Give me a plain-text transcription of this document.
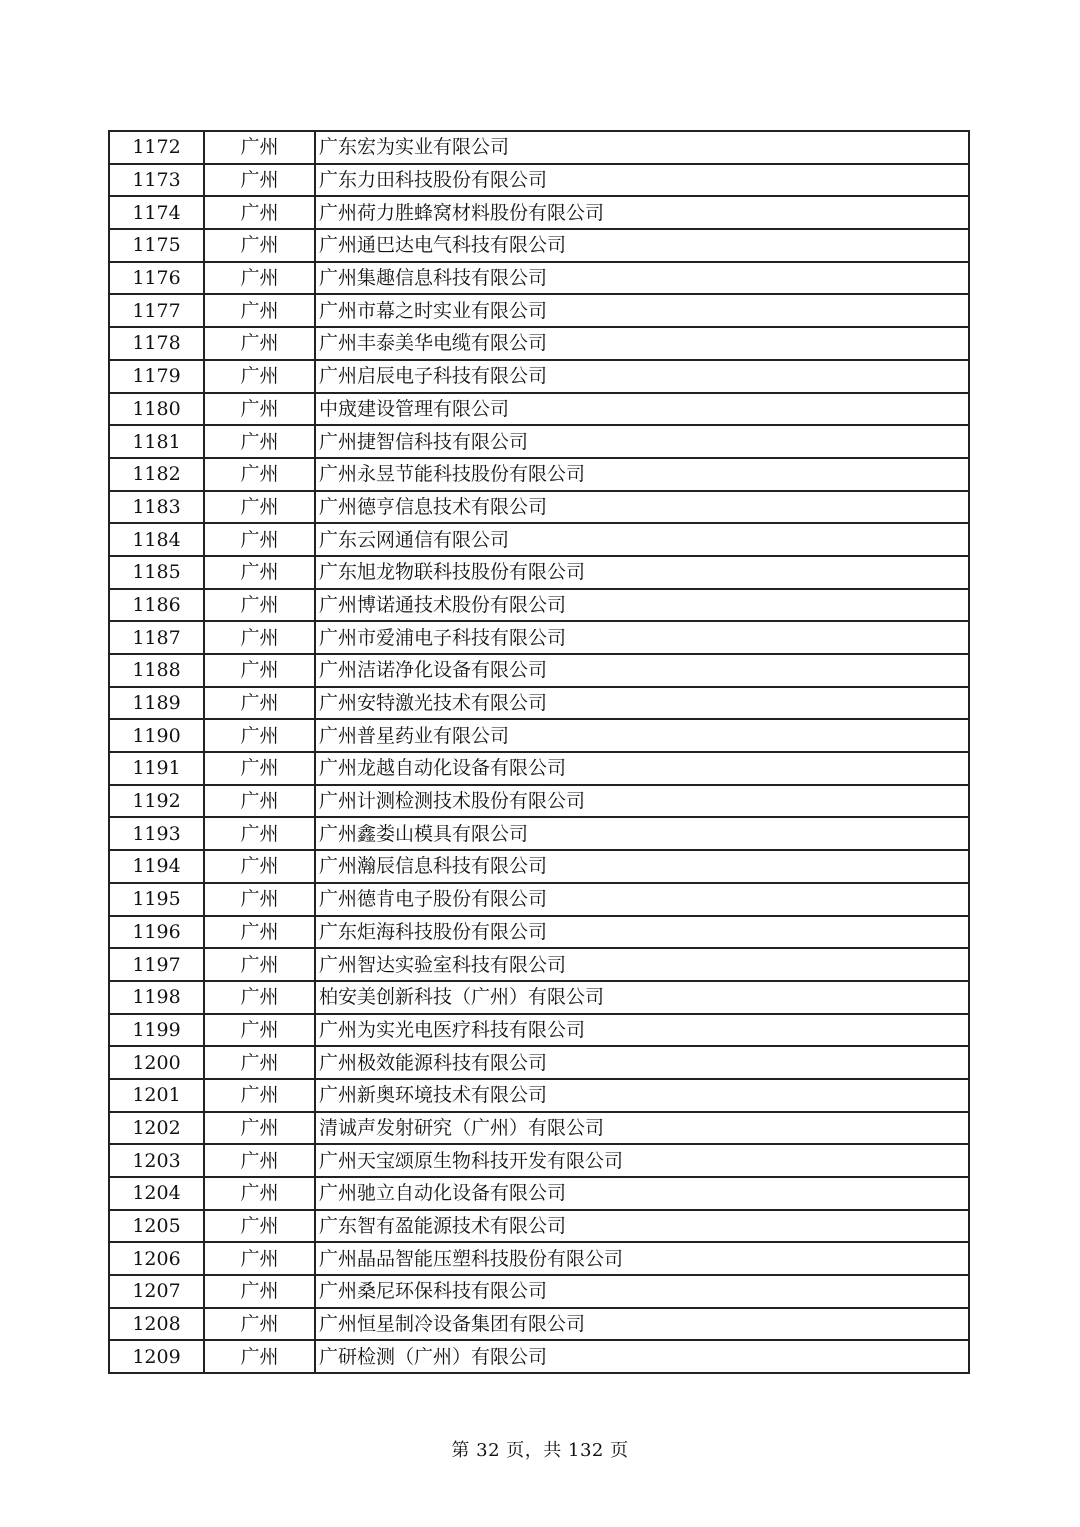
1172	广州	广东宏为实业有限公司
1173	广州	广东力田科技股份有限公司
1174	广州	广州荷力胜蜂窝材料股份有限公司
1175	广州	广州通巴达电气科技有限公司
1176	广州	广州集趣信息科技有限公司
1177	广州	广州市幕之时实业有限公司
1178	广州	广州丰泰美华电缆有限公司
1179	广州	广州启辰电子科技有限公司
1180	广州	中宬建设管理有限公司
1181	广州	广州捷智信科技有限公司
1182	广州	广州永昱节能科技股份有限公司
1183	广州	广州德亨信息技术有限公司
1184	广州	广东云网通信有限公司
1185	广州	广东旭龙物联科技股份有限公司
1186	广州	广州博诺通技术股份有限公司
1187	广州	广州市爱浦电子科技有限公司
1188	广州	广州洁诺净化设备有限公司
1189	广州	广州安特激光技术有限公司
1190	广州	广州普星药业有限公司
1191	广州	广州龙越自动化设备有限公司
1192	广州	广州计测检测技术股份有限公司
1193	广州	广州鑫娄山模具有限公司
1194	广州	广州瀚辰信息科技有限公司
1195	广州	广州德肯电子股份有限公司
1196	广州	广东炬海科技股份有限公司
1197	广州	广州智达实验室科技有限公司
1198	广州	柏安美创新科技（广州）有限公司
1199	广州	广州为实光电医疗科技有限公司
1200	广州	广州极效能源科技有限公司
1201	广州	广州新奥环境技术有限公司
1202	广州	清诚声发射研究（广州）有限公司
1203	广州	广州天宝颂原生物科技开发有限公司
1204	广州	广州驰立自动化设备有限公司
1205	广州	广东智有盈能源技术有限公司
1206	广州	广州晶品智能压塑科技股份有限公司
1207	广州	广州桑尼环保科技有限公司
1208	广州	广州恒星制冷设备集团有限公司
1209	广州	广研检测（广州）有限公司
第 32 页，共 132 页
